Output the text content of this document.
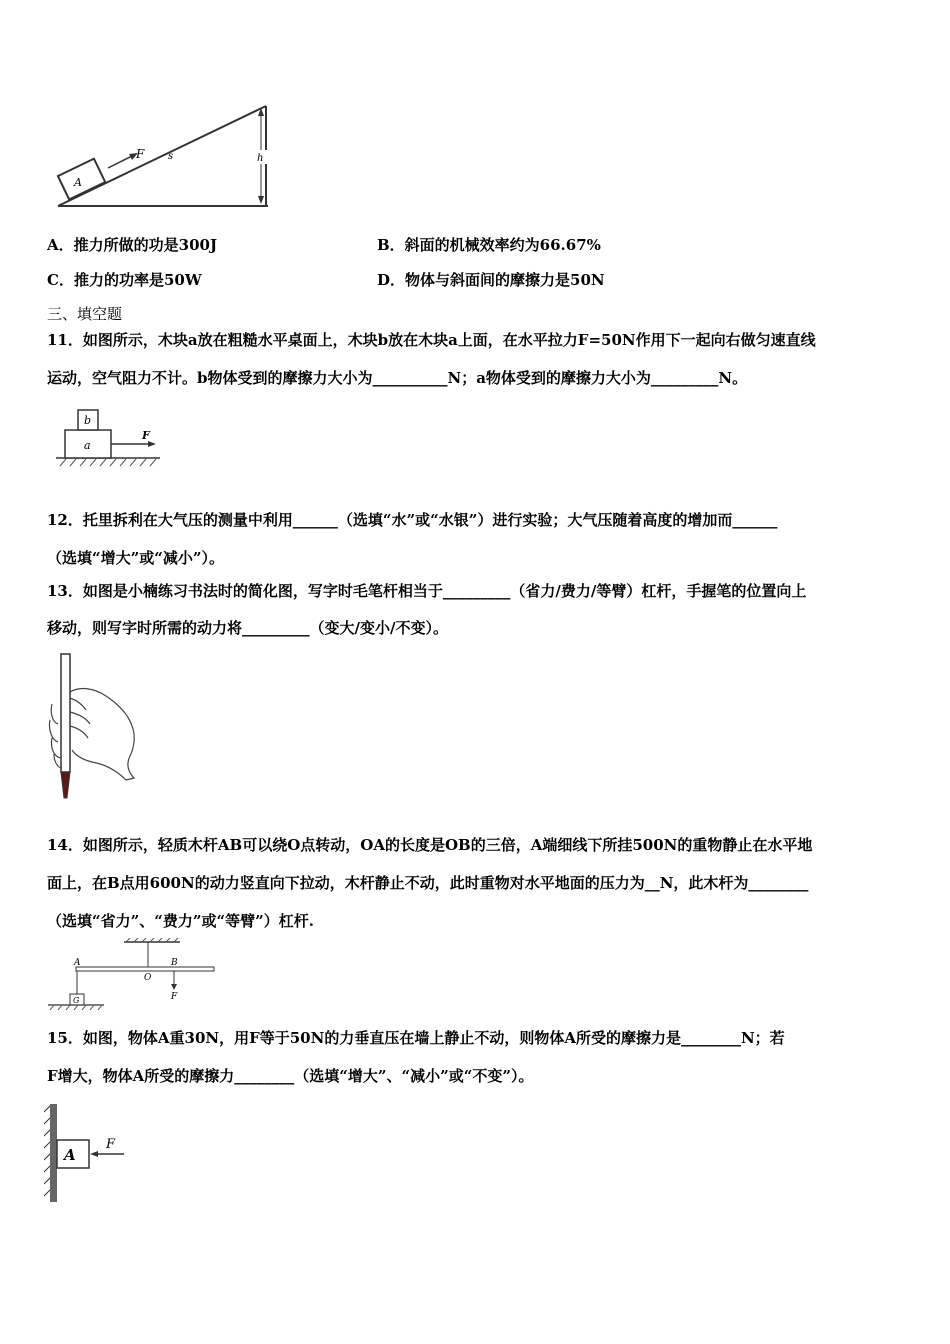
A
F s	h
A．推力所做的功是300J	B．斜面的机械效率约为66.67%
C．推力的功率是50W	D．物体与斜面间的摩擦力是50N
三、填空题
11．如图所示，木块a放在粗糙水平桌面上，木块b放在木块a上面，在水平拉力F=50N作用下一起向右做匀速直线
运动，空气阻力不计。b物体受到的摩擦力大小为__________N；a物体受到的摩擦力大小为_________N。
b
a
F
12．托里拆利在大气压的测量中利用______（选填“水”或“水银”）进行实验；大气压随着高度的增加而______
（选填“增大”或“减小”）。
13．如图是小楠练习书法时的简化图，写字时毛笔杆相当于_________（省力/费力/等臂）杠杆，手握笔的位置向上
移动，则写字时所需的动力将_________（变大/变小/不变）。
14．如图所示，轻质木杆AB可以绕O点转动，OA的长度是OB的三倍，A端细线下所挂500N的重物静止在水平地
面上，在B点用600N的动力竖直向下拉动，木杆静止不动，此时重物对水平地面的压力为__N，此木杆为________
（选填“省力”、“费力”或“等臂”）杠杆.
A
O
B
G	F
15．如图，物体A重30N，用F等于50N的力垂直压在墙上静止不动，则物体A所受的摩擦力是________N；若
F增大，物体A所受的摩擦力________（选填“增大”、“减小”或“不变”）。
A
F
